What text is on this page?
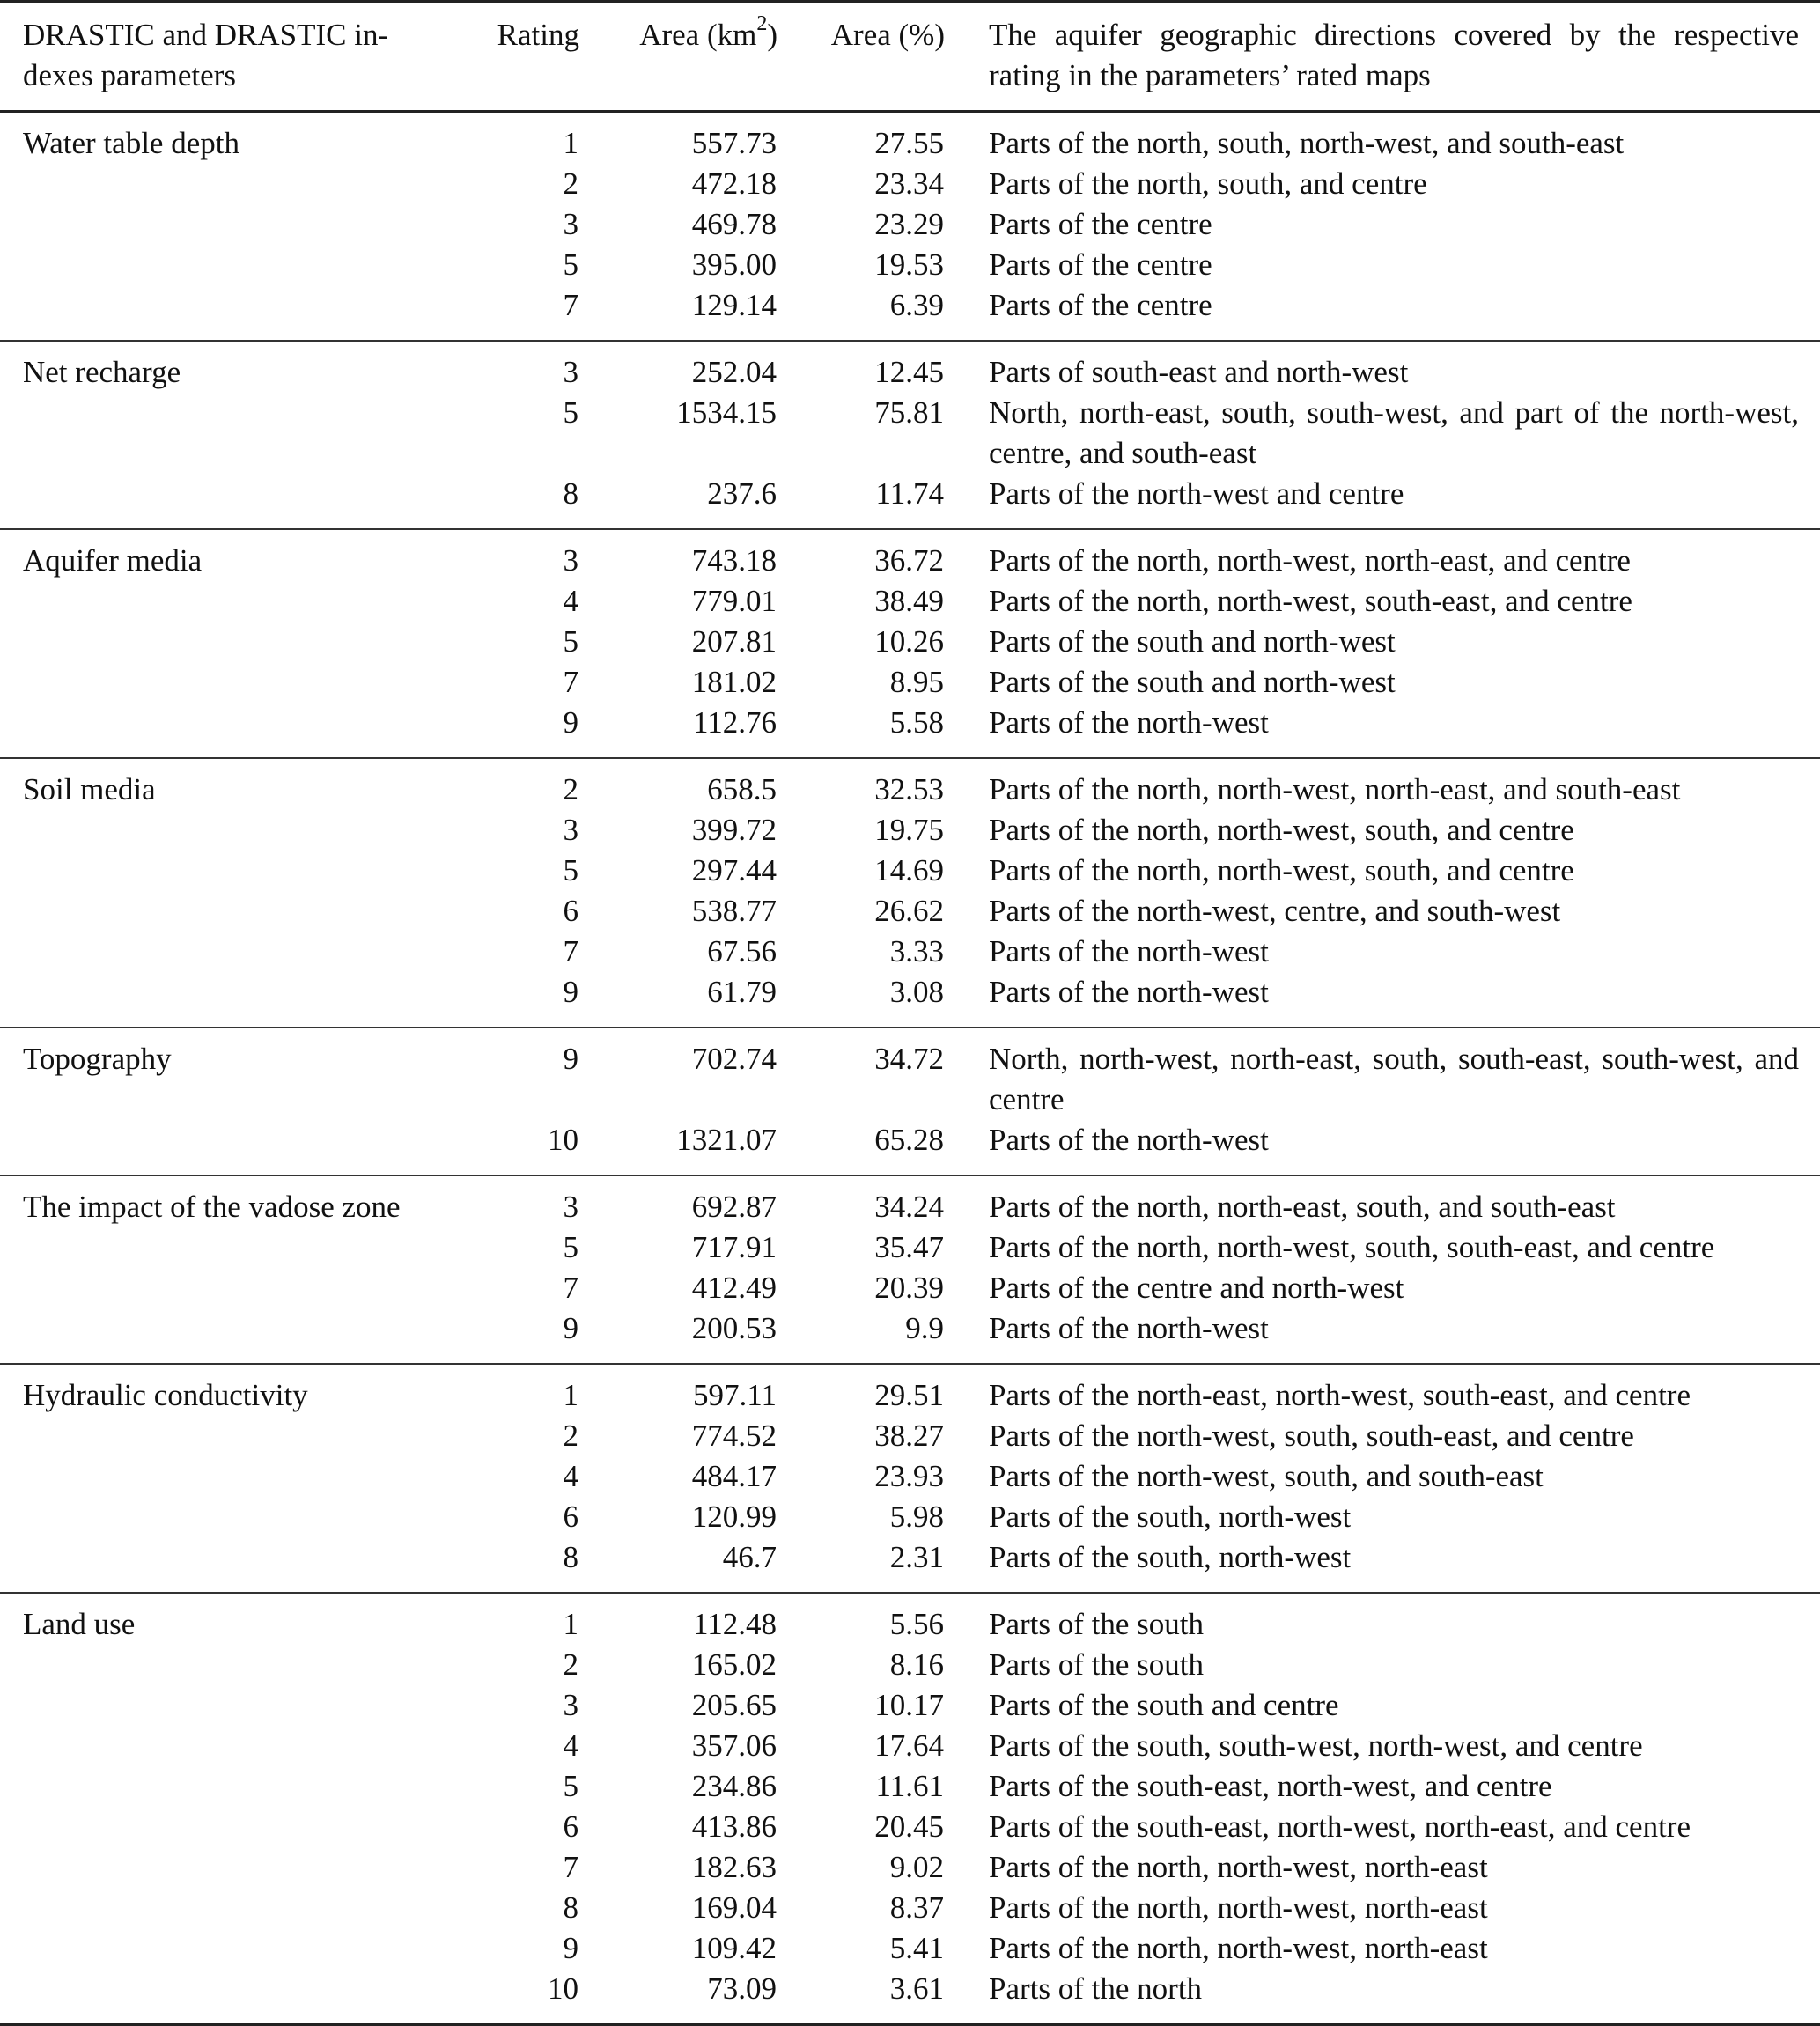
DRASTIC and DRASTIC in-
dexes parameters	Rating	Area $(km^2)$	Area (%)	The aquifer geographic directions covered by the respective rating in the parameters’ rated maps
Water table depth	1	557.73	27.55	Parts of the north, south, north-west, and south-east
	2	472.18	23.34	Parts of the north, south, and centre
	3	469.78	23.29	Parts of the centre
	5	395.00	19.53	Parts of the centre
	7	129.14	6.39	Parts of the centre
Net recharge	3	252.04	12.45	Parts of south-east and north-west
	5	1534.15	75.81	North, north-east, south, south-west, and part of the north-west, centre, and south-east
	8	237.6	11.74	Parts of the north-west and centre
Aquifer media	3	743.18	36.72	Parts of the north, north-west, north-east, and centre
	4	779.01	38.49	Parts of the north, north-west, south-east, and centre
	5	207.81	10.26	Parts of the south and north-west
	7	181.02	8.95	Parts of the south and north-west
	9	112.76	5.58	Parts of the north-west
Soil media	2	658.5	32.53	Parts of the north, north-west, north-east, and south-east
	3	399.72	19.75	Parts of the north, north-west, south, and centre
	5	297.44	14.69	Parts of the north, north-west, south, and centre
	6	538.77	26.62	Parts of the north-west, centre, and south-west
	7	67.56	3.33	Parts of the north-west
	9	61.79	3.08	Parts of the north-west
Topography	9	702.74	34.72	North, north-west, north-east, south, south-east, south-west, and centre
	10	1321.07	65.28	Parts of the north-west
The impact of the vadose zone	3	692.87	34.24	Parts of the north, north-east, south, and south-east
	5	717.91	35.47	Parts of the north, north-west, south, south-east, and centre
	7	412.49	20.39	Parts of the centre and north-west
	9	200.53	9.9	Parts of the north-west
Hydraulic conductivity	1	597.11	29.51	Parts of the north-east, north-west, south-east, and centre
	2	774.52	38.27	Parts of the north-west, south, south-east, and centre
	4	484.17	23.93	Parts of the north-west, south, and south-east
	6	120.99	5.98	Parts of the south, north-west
	8	46.7	2.31	Parts of the south, north-west
Land use	1	112.48	5.56	Parts of the south
	2	165.02	8.16	Parts of the south
	3	205.65	10.17	Parts of the south and centre
	4	357.06	17.64	Parts of the south, south-west, north-west, and centre
	5	234.86	11.61	Parts of the south-east, north-west, and centre
	6	413.86	20.45	Parts of the south-east, north-west, north-east, and centre
	7	182.63	9.02	Parts of the north, north-west, north-east
	8	169.04	8.37	Parts of the north, north-west, north-east
	9	109.42	5.41	Parts of the north, north-west, north-east
	10	73.09	3.61	Parts of the north
